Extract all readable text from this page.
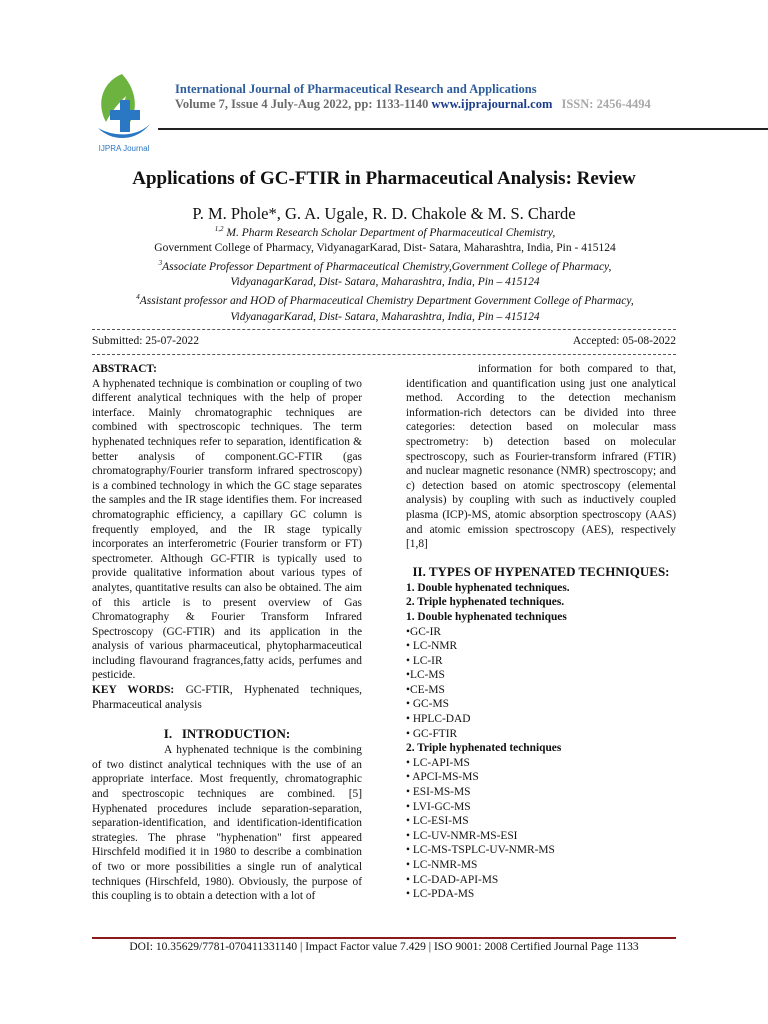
IJPRA Journal
International Journal of Pharmaceutical Research and Applications
Volume 7, Issue 4 July-Aug 2022, pp: 1133-1140 www.ijprajournal.com ISSN: 2456-4494
Applications of GC-FTIR in Pharmaceutical Analysis: Review
P. M. Phole*, G. A. Ugale, R. D. Chakole & M. S. Charde
$^{1,2}$ M. Pharm Research Scholar Department of Pharmaceutical Chemistry,
Government College of Pharmacy, VidyanagarKarad, Dist- Satara, Maharashtra, India, Pin - 415124
$^3$Associate Professor Department of Pharmaceutical Chemistry,Government College of Pharmacy,
VidyanagarKarad, Dist- Satara, Maharashtra, India, Pin – 415124
$^4$Assistant professor and HOD of Pharmaceutical Chemistry Department Government College of Pharmacy,
VidyanagarKarad, Dist- Satara, Maharashtra, India, Pin – 415124
Submitted: 25-07-2022	Accepted: 05-08-2022

ABSTRACT:

A hyphenated technique is combination or coupling of two different analytical techniques with the help of proper interface. Mainly chromatographic techniques are combined with spectroscopic techniques. The term hyphenated techniques refer to separation, identification & better analysis of component.GC-FTIR (gas chromatography/Fourier transform infrared spectroscopy) is a combined technology in which the GC stage separates the samples and the IR stage identifies them. For increased chromatographic efficiency, a capillary GC column is frequently employed, and the IR stage typically incorporates an interferometric (Fourier transform or FT) spectrometer. Although GC-FTIR is typically used to provide qualitative information about various types of analytes, quantitative results can also be obtained. The aim of this article is to present overview of Gas Chromatography & Fourier Transform Infrared Spectroscopy (GC-FTIR) and its application in the analysis of various pharmaceutical, phytopharmaceutical including flavourand fragrances,fatty acids, perfumes and pesticide.

KEY WORDS: GC-FTIR, Hyphenated techniques, Pharmaceutical analysis

I.   INTRODUCTION:

A hyphenated technique is the combining of two distinct analytical techniques with the use of an appropriate interface. Most frequently, chromatographic and spectroscopic techniques are combined. [5] Hyphenated procedures include separation-separation, separation-identification, and identification-identification strategies. The phrase "hyphenation" first appeared Hirschfeld modified it in 1980 to describe a combination of two or more possibilities a single run of analytical techniques (Hirschfeld, 1980). Obviously, the purpose of this coupling is to obtain a detection with a lot of

information for both compared to that, identification and quantification using just one analytical method. According to the detection mechanism information-rich detectors can be divided into three categories: detection based on molecular mass spectrometry: b) detection based on molecular spectroscopy, such as Fourier-transform infrared (FTIR) and nuclear magnetic resonance (NMR) spectroscopy; and c) detection based on atomic spectroscopy (elemental analysis) by coupling with such as inductively coupled plasma (ICP)-MS, atomic absorption spectroscopy (AAS) and atomic emission spectroscopy (AES), respectively [1,8]

II. TYPES OF HYPENATED TECHNIQUES:

1. Double hyphenated techniques.

2. Triple hyphenated techniques.

1. Double hyphenated techniques

•GC-IR

• LC-NMR

• LC-IR

•LC-MS

•CE-MS

• GC-MS

• HPLC-DAD

• GC-FTIR

2. Triple hyphenated techniques

• LC-API-MS

• APCI-MS-MS

• ESI-MS-MS

• LVI-GC-MS

• LC-ESI-MS

• LC-UV-NMR-MS-ESI

• LC-MS-TSPLC-UV-NMR-MS

• LC-NMR-MS

• LC-DAD-API-MS

• LC-PDA-MS

DOI: 10.35629/7781-070411331140 | Impact Factor value 7.429 | ISO 9001: 2008 Certified Journal Page 1133
